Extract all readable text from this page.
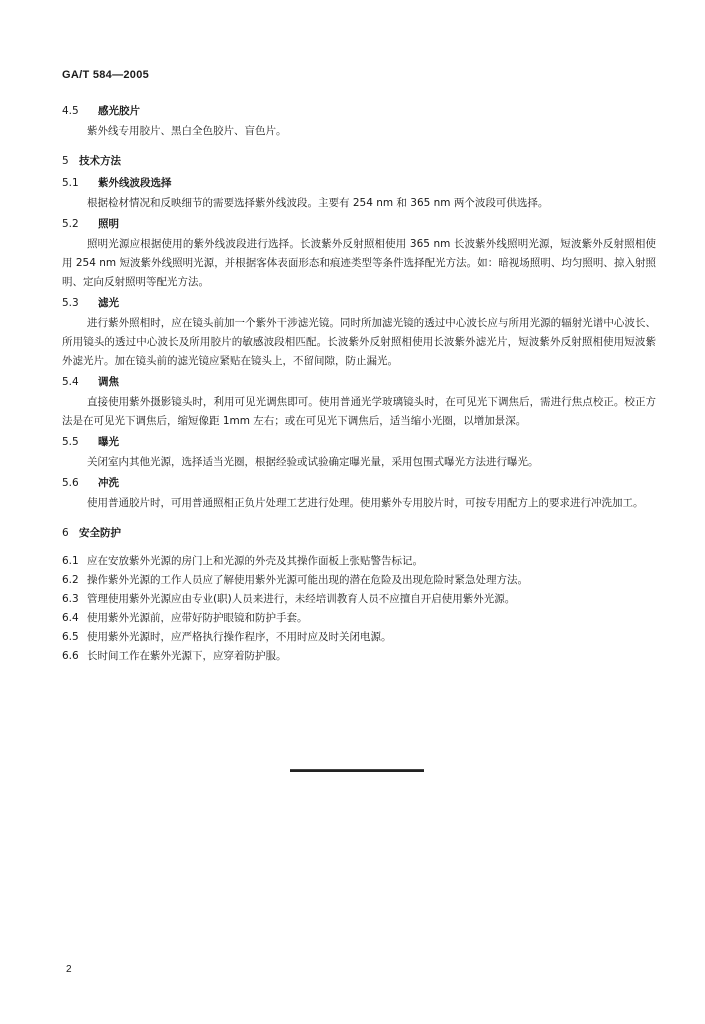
GA/T 584—2005
4.5 感光胶片

紫外线专用胶片、黑白全色胶片、盲色片。

5 技术方法
5.1 紫外线波段选择

根据检材情况和反映细节的需要选择紫外线波段。主要有 254 nm 和 365 nm 两个波段可供选择。

5.2 照明

照明光源应根据使用的紫外线波段进行选择。长波紫外反射照相使用 365 nm 长波紫外线照明光源，短波紫外反射照相使用 254 nm 短波紫外线照明光源，并根据客体表面形态和痕迹类型等条件选择配光方法。如：暗视场照明、均匀照明、掠入射照明、定向反射照明等配光方法。

5.3 滤光

进行紫外照相时，应在镜头前加一个紫外干涉滤光镜。同时所加滤光镜的透过中心波长应与所用光源的辐射光谱中心波长、所用镜头的透过中心波长及所用胶片的敏感波段相匹配。长波紫外反射照相使用长波紫外滤光片，短波紫外反射照相使用短波紫外滤光片。加在镜头前的滤光镜应紧贴在镜头上，不留间隙，防止漏光。

5.4 调焦

直接使用紫外摄影镜头时，利用可见光调焦即可。使用普通光学玻璃镜头时，在可见光下调焦后，需进行焦点校正。校正方法是在可见光下调焦后，缩短像距 1mm 左右；或在可见光下调焦后，适当缩小光圈，以增加景深。

5.5 曝光

关闭室内其他光源，选择适当光圈，根据经验或试验确定曝光量，采用包围式曝光方法进行曝光。

5.6 冲洗

使用普通胶片时，可用普通照相正负片处理工艺进行处理。使用紫外专用胶片时，可按专用配方上的要求进行冲洗加工。

6 安全防护
6.1 应在安放紫外光源的房门上和光源的外壳及其操作面板上张贴警告标记。
6.2 操作紫外光源的工作人员应了解使用紫外光源可能出现的潜在危险及出现危险时紧急处理方法。
6.3 管理使用紫外光源应由专业(职)人员来进行，未经培训教育人员不应擅自开启使用紫外光源。
6.4 使用紫外光源前，应带好防护眼镜和防护手套。
6.5 使用紫外光源时，应严格执行操作程序，不用时应及时关闭电源。
6.6 长时间工作在紫外光源下，应穿着防护服。
2
